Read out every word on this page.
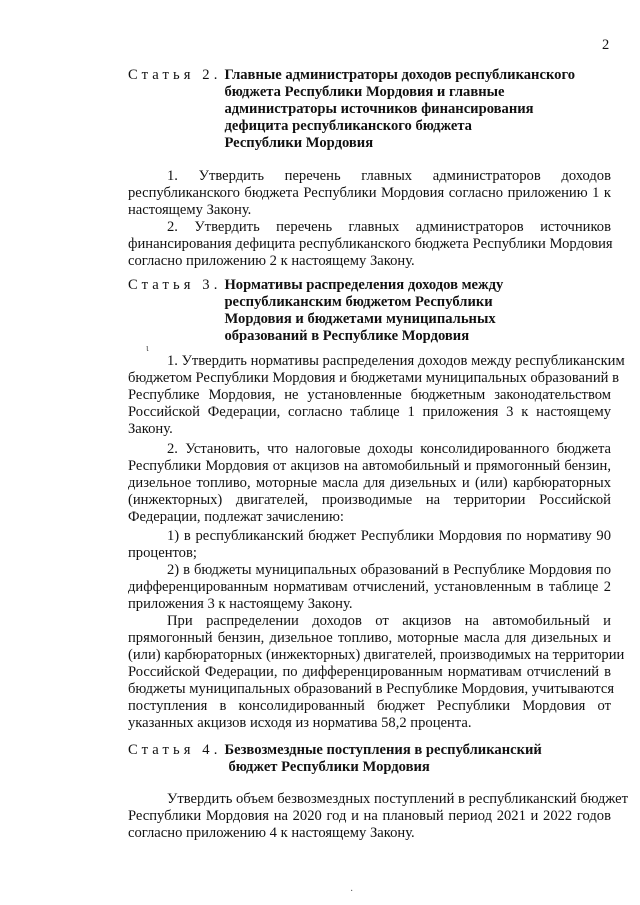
2
Статья 2. Главные администраторы доходов республиканского
бюджета Республики Мордовия и главные
администраторы источников финансирования
дефицита республиканского бюджета
Республики Мордовия
1. Утвердить перечень главных администраторов доходов
республиканского бюджета Республики Мордовия согласно приложению 1 к
настоящему Закону.
2. Утвердить перечень главных администраторов источников
финансирования дефицита республиканского бюджета Республики Мордовия
согласно приложению 2 к настоящему Закону.
Статья 3. Нормативы распределения доходов между
республиканским бюджетом Республики
Мордовия и бюджетами муниципальных
образований в Республике Мордовия
ι
1. Утвердить нормативы распределения доходов между республиканским
бюджетом Республики Мордовия и бюджетами муниципальных образований в
Республике Мордовия, не установленные бюджетным законодательством
Российской Федерации, согласно таблице 1 приложения 3 к настоящему
Закону.
2. Установить, что налоговые доходы консолидированного бюджета
Республики Мордовия от акцизов на автомобильный и прямогонный бензин,
дизельное топливо, моторные масла для дизельных и (или) карбюраторных
(инжекторных) двигателей, производимые на территории Российской
Федерации, подлежат зачислению:
1) в республиканский бюджет Республики Мордовия по нормативу 90
процентов;
2) в бюджеты муниципальных образований в Республике Мордовия по
дифференцированным нормативам отчислений, установленным в таблице 2
приложения 3 к настоящему Закону.
При распределении доходов от акцизов на автомобильный и
прямогонный бензин, дизельное топливо, моторные масла для дизельных и
(или) карбюраторных (инжекторных) двигателей, производимых на территории
Российской Федерации, по дифференцированным нормативам отчислений в
бюджеты муниципальных образований в Республике Мордовия, учитываются
поступления в консолидированный бюджет Республики Мордовия от
указанных акцизов исходя из норматива 58,2 процента.
Статья 4. Безвозмездные поступления в республиканский
бюджет Республики Мордовия
Утвердить объем безвозмездных поступлений в республиканский бюджет
Республики Мордовия на 2020 год и на плановый период 2021 и 2022 годов
согласно приложению 4 к настоящему Закону.
·
